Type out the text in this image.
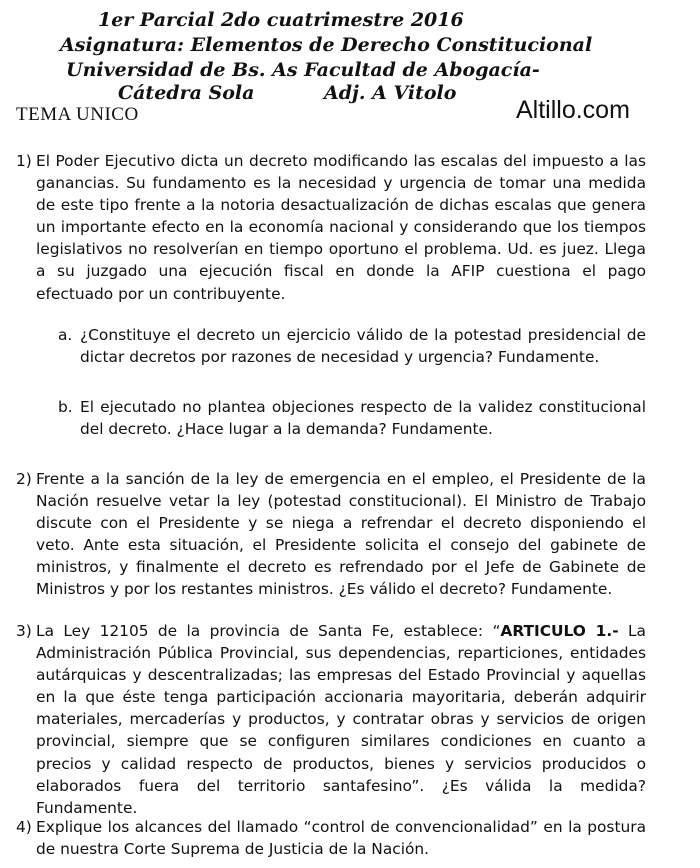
1er Parcial 2do cuatrimestre 2016
Asignatura: Elementos de Derecho Constitucional
Universidad de Bs. As Facultad de Abogacía-
Cátedra Sola	Adj. A Vitolo
TEMA UNICO	Altillo.com
1) El Poder Ejecutivo dicta un decreto modificando las escalas del impuesto a las ganancias. Su fundamento es la necesidad y urgencia de tomar una medida de este tipo frente a la notoria desactualización de dichas escalas que genera un importante efecto en la economía nacional y considerando que los tiempos legislativos no resolverían en tiempo oportuno el problema. Ud. es juez. Llega a su juzgado una ejecución fiscal en donde la AFIP cuestiona el pago efectuado por un contribuyente.
a. ¿Constituye el decreto un ejercicio válido de la potestad presidencial de dictar decretos por razones de necesidad y urgencia? Fundamente.
b. El ejecutado no plantea objeciones respecto de la validez constitucional del decreto. ¿Hace lugar a la demanda? Fundamente.
2) Frente a la sanción de la ley de emergencia en el empleo, el Presidente de la Nación resuelve vetar la ley (potestad constitucional). El Ministro de Trabajo discute con el Presidente y se niega a refrendar el decreto disponiendo el veto. Ante esta situación, el Presidente solicita el consejo del gabinete de ministros, y finalmente el decreto es refrendado por el Jefe de Gabinete de Ministros y por los restantes ministros. ¿Es válido el decreto? Fundamente.
3) La Ley 12105 de la provincia de Santa Fe, establece: “ARTICULO 1.- La Administración Pública Provincial, sus dependencias, reparticiones, entidades autárquicas y descentralizadas; las empresas del Estado Provincial y aquellas en la que éste tenga participación accionaria mayoritaria, deberán adquirir materiales, mercaderías y productos, y contratar obras y servicios de origen provincial, siempre que se configuren similares condiciones en cuanto a precios y calidad respecto de productos, bienes y servicios producidos o elaborados fuera del territorio santafesino”. ¿Es válida la medida? Fundamente.
4) Explique los alcances del llamado “control de convencionalidad” en la postura de nuestra Corte Suprema de Justicia de la Nación.
